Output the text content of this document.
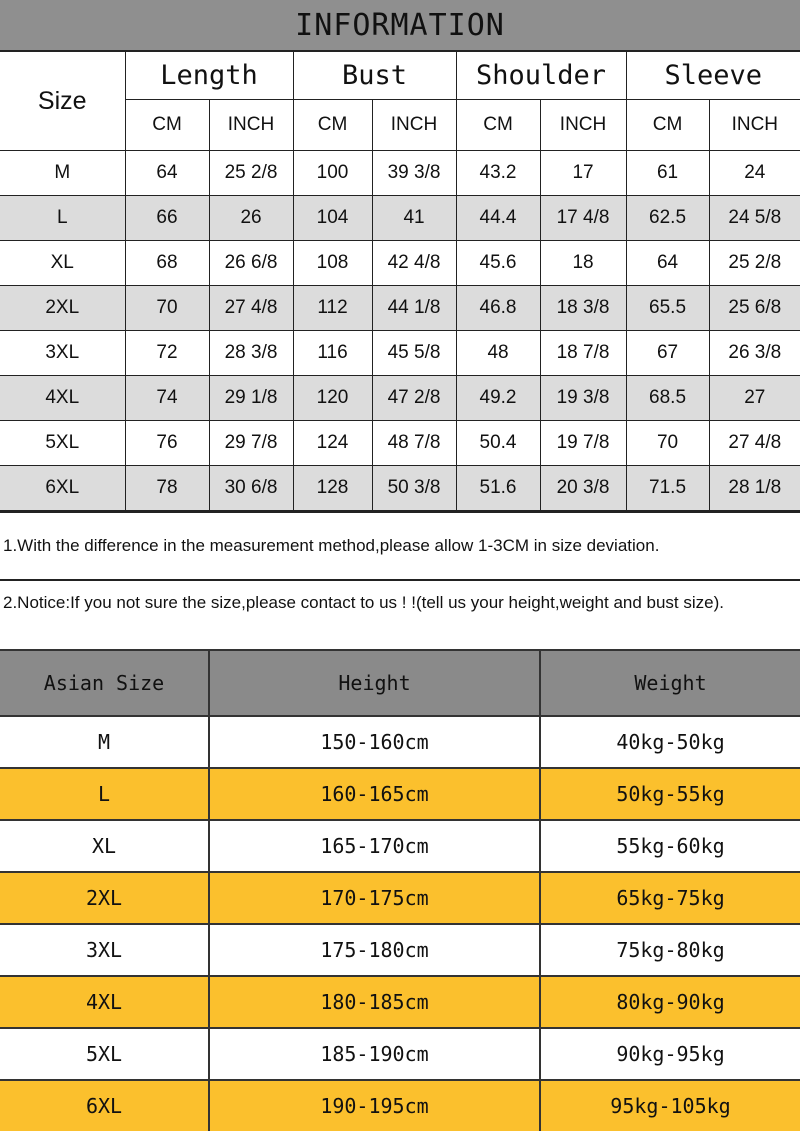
INFORMATION
Size	Length		Bust		Shoulder		Sleeve	
	CM	INCH	CM	INCH	CM	INCH	CM	INCH
M	64	25 2/8	100	39 3/8	43.2	17	61	24
L	66	26	104	41	44.4	17 4/8	62.5	24 5/8
XL	68	26 6/8	108	42 4/8	45.6	18	64	25 2/8
2XL	70	27 4/8	112	44 1/8	46.8	18 3/8	65.5	25 6/8
3XL	72	28 3/8	116	45 5/8	48	18 7/8	67	26 3/8
4XL	74	29 1/8	120	47 2/8	49.2	19 3/8	68.5	27
5XL	76	29 7/8	124	48 7/8	50.4	19 7/8	70	27 4/8
6XL	78	30 6/8	128	50 3/8	51.6	20 3/8	71.5	28 1/8
1.With the difference in the measurement method,please allow 1-3CM in size deviation.
2.Notice:If you not sure the size,please contact to us ! !(tell us your height,weight and bust size).
Asian Size	Height	Weight
M	150-160cm	40kg-50kg
L	160-165cm	50kg-55kg
XL	165-170cm	55kg-60kg
2XL	170-175cm	65kg-75kg
3XL	175-180cm	75kg-80kg
4XL	180-185cm	80kg-90kg
5XL	185-190cm	90kg-95kg
6XL	190-195cm	95kg-105kg
